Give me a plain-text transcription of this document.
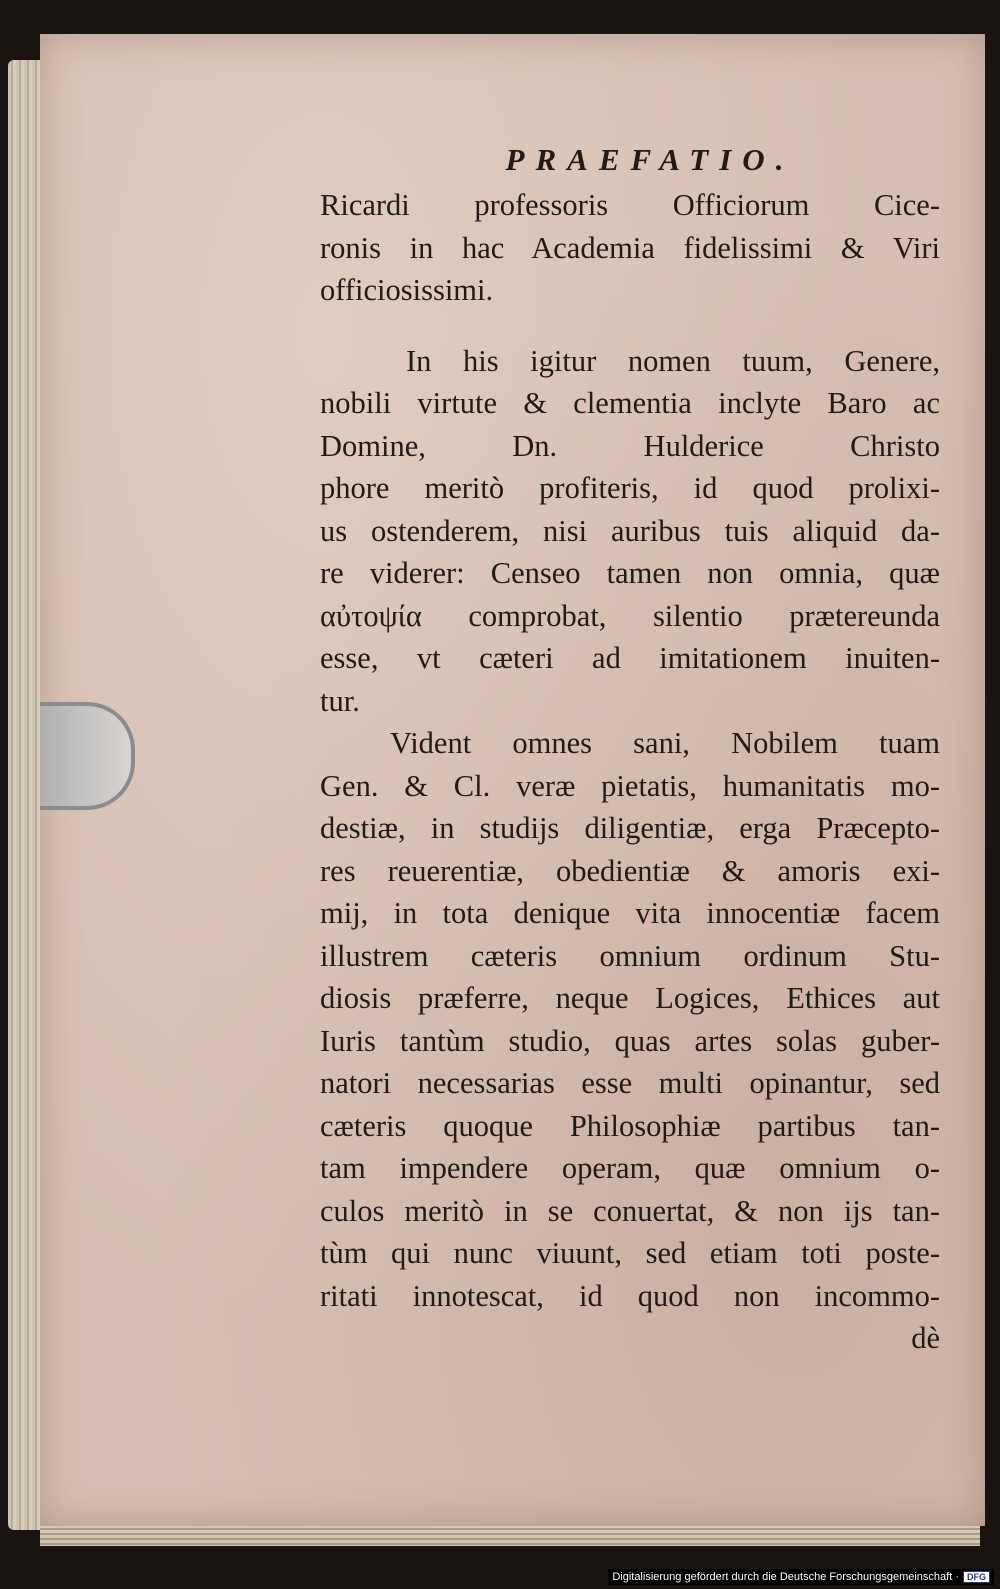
PRAEFATIO.
Ricardi professoris Officiorum Cice-
ronis in hac Academia fidelissimi & Viri
officiosissimi.
In his igitur nomen tuum, Genere,
nobili virtute & clementia inclyte Baro ac
Domine, Dn. Hulderice Christo
phore meritò profiteris, id quod prolixi-
us ostenderem, nisi auribus tuis aliquid da-
re viderer: Censeo tamen non omnia, quæ
αὐτοψία comprobat, silentio prætereunda
esse, vt cæteri ad imitationem inuiten-
tur.
Vident omnes sani, Nobilem tuam
Gen. & Cl. veræ pietatis, humanitatis mo-
destiæ, in studijs diligentiæ, erga Præcepto-
res reuerentiæ, obedientiæ & amoris exi-
mij, in tota denique vita innocentiæ facem
illustrem cæteris omnium ordinum Stu-
diosis præferre, neque Logices, Ethices aut
Iuris tantùm studio, quas artes solas guber-
natori necessarias esse multi opinantur, sed
cæteris quoque Philosophiæ partibus tan-
tam impendere operam, quæ omnium o-
culos meritò in se conuertat, & non ijs tan-
tùm qui nunc viuunt, sed etiam toti poste-
ritati innotescat, id quod non incommo-
dè
Digitalisierung gefördert durch die Deutsche Forschungsgemeinschaft · DFG
